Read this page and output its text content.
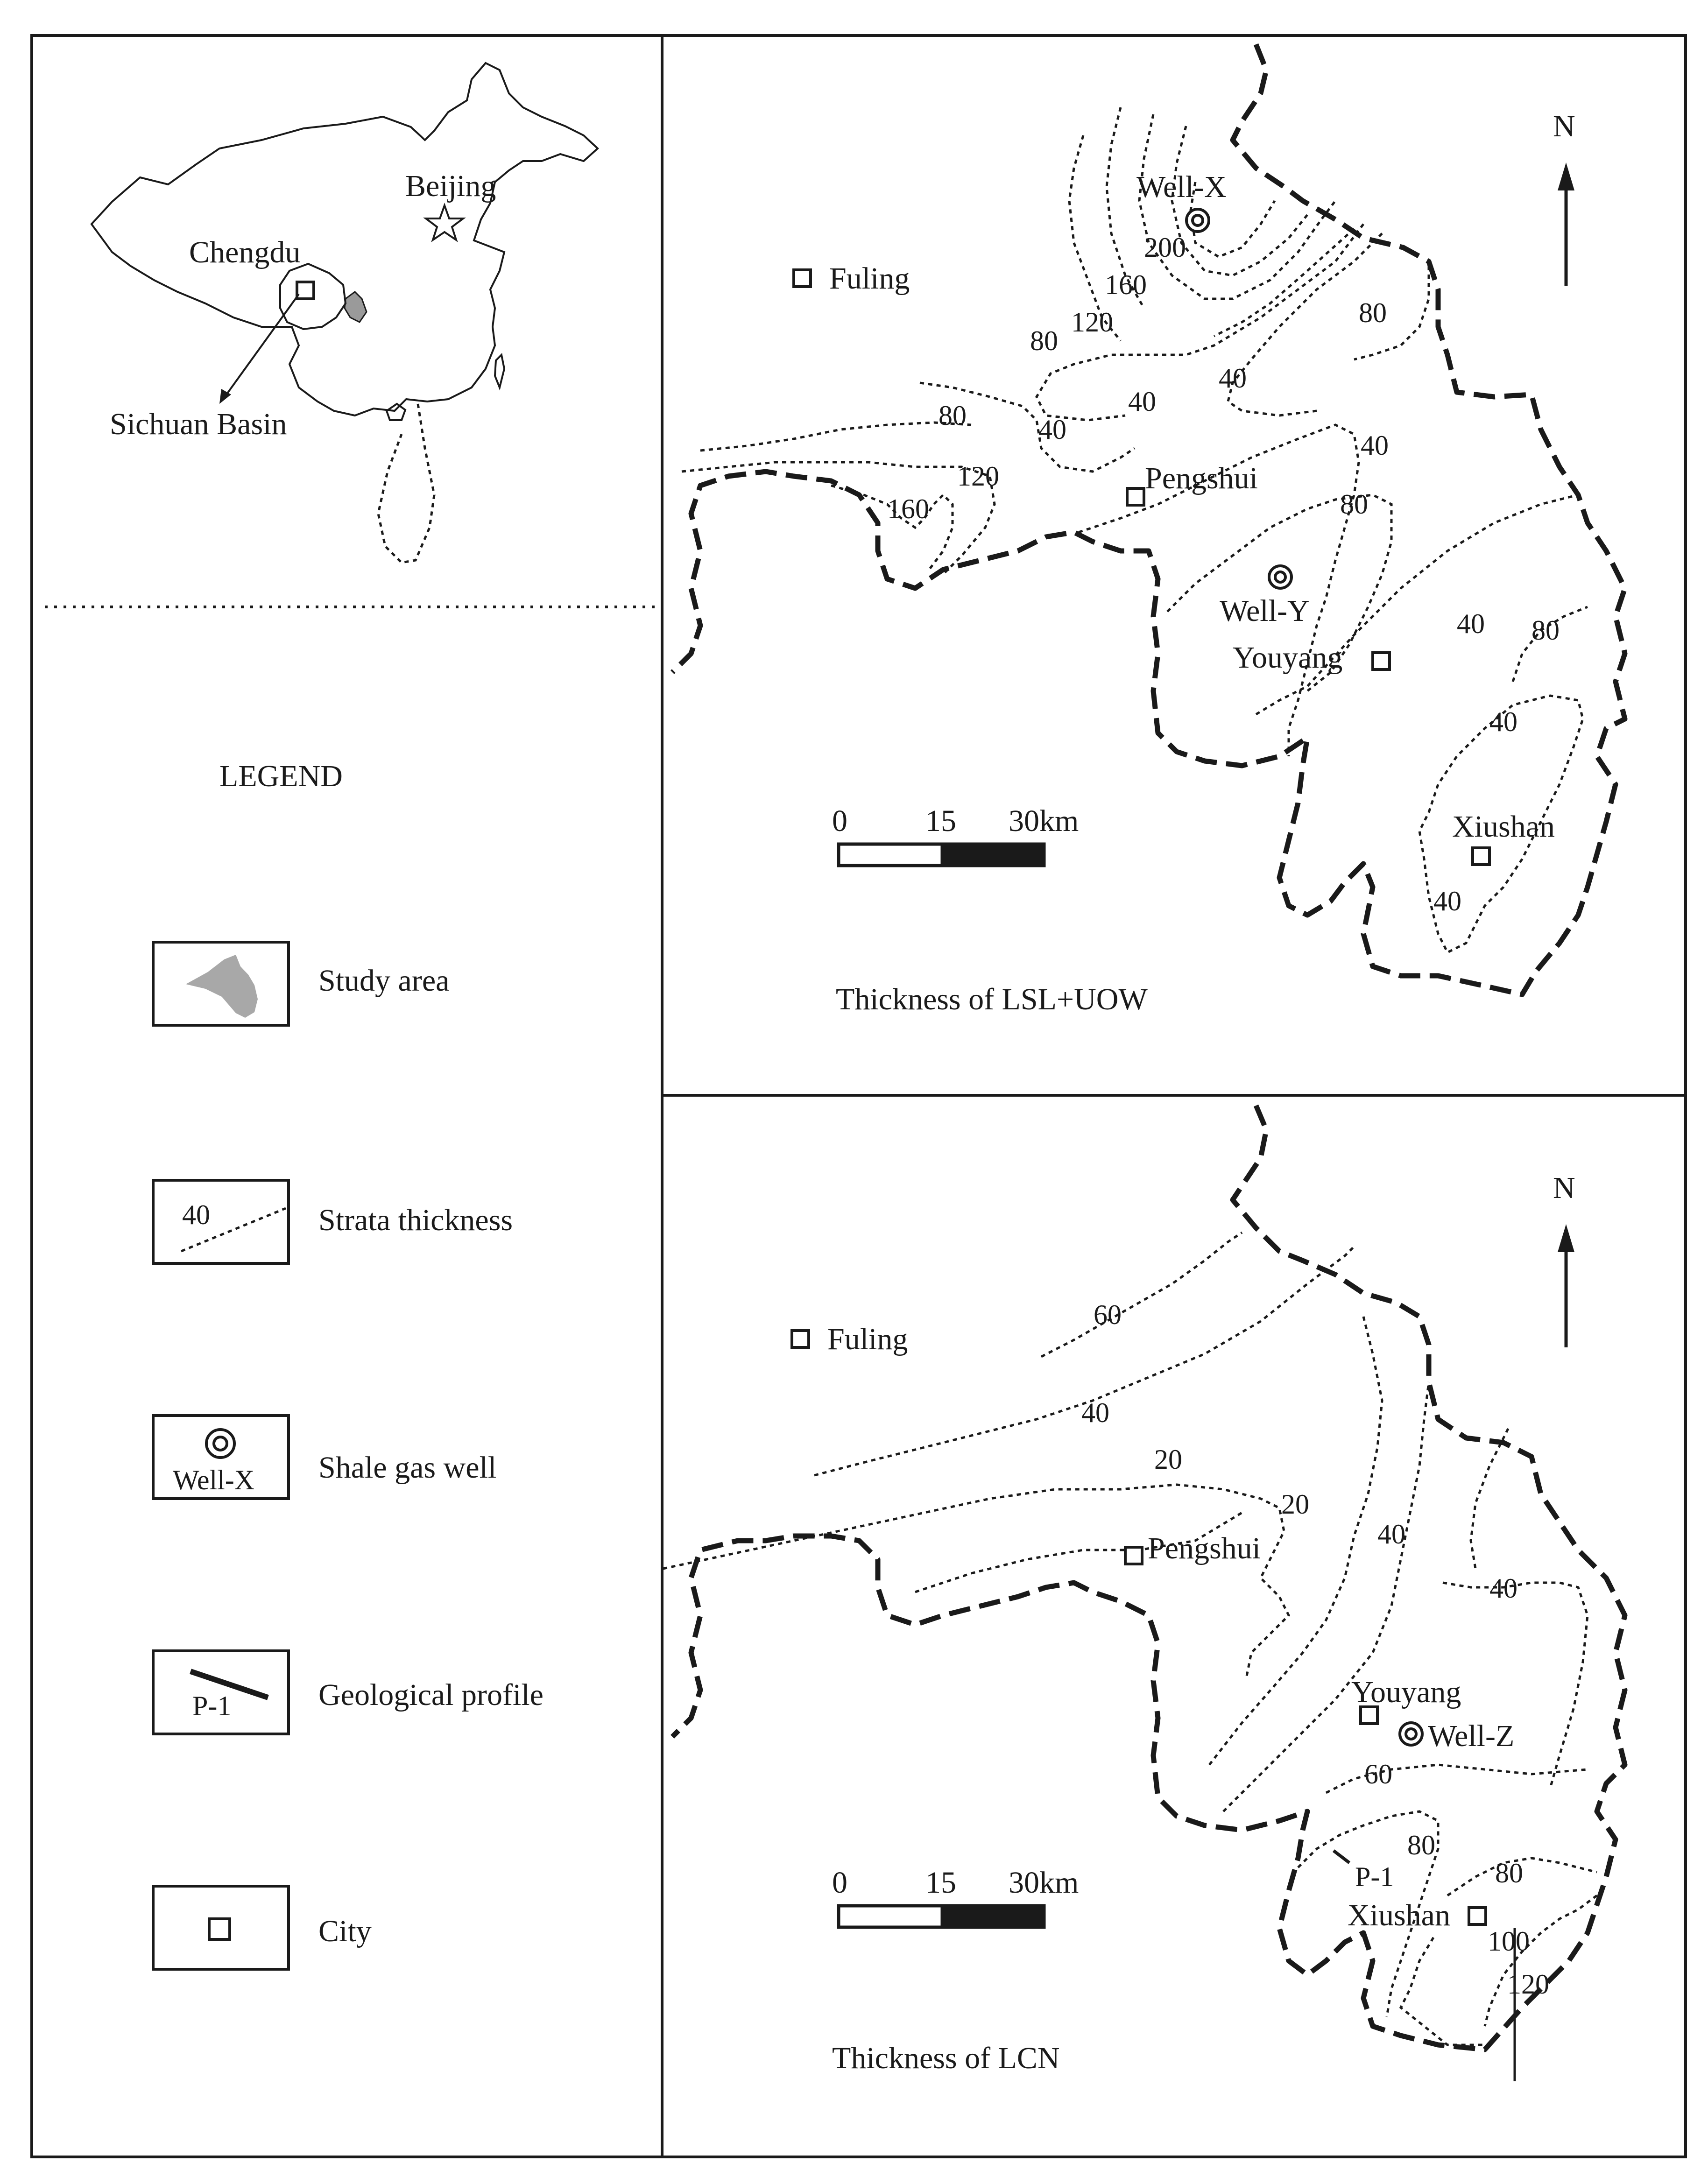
Beijing
Chengdu
Sichuan Basin
LEGEND
Study area
40	Strata thickness
Well-X Shale gas well
P-1	Geological profile
City
N
200
160
120
80
40
80	40
80
120
160
40
80
40
40 80
40
40
Fuling
Pengshui
Youyang
Xiushan
Well-X
Well-Y
0	15 30km
Thickness of LSL+UOW
N
P-1
60
40
20
20
40
40
60
80
80
100
120
Fuling
Pengshui
Youyang
Xiushan
Well-Z
0	15 30km
Thickness of LCN
